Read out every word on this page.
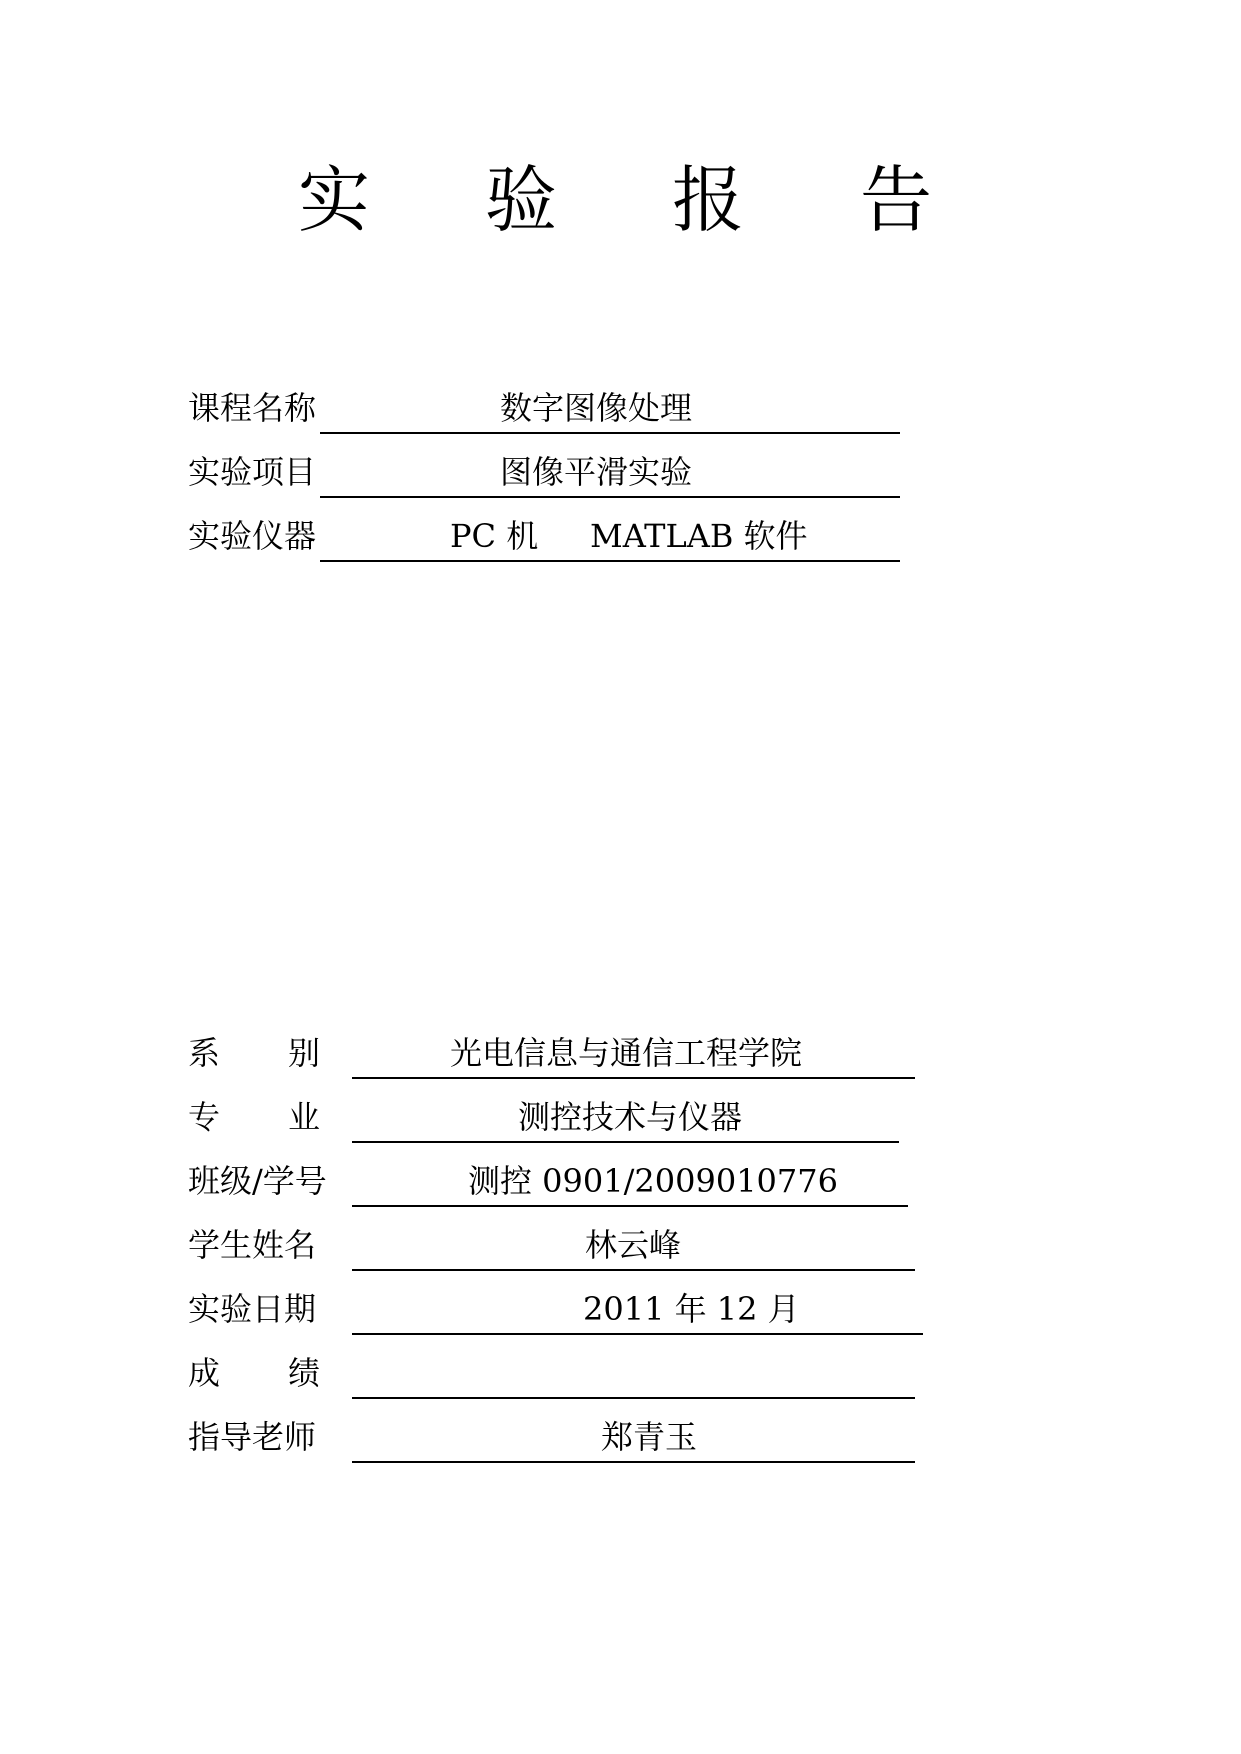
实 验 报 告
课程名称	数字图像处理
实验项目	图像平滑实验
实验仪器	PC 机 MATLAB 软件
系 别	光电信息与通信工程学院
专 业	测控技术与仪器
班级/学号	测控 0901/2009010776
学生姓名	林云峰
实验日期	2011 年 12 月
成 绩
指导老师	郑青玉
